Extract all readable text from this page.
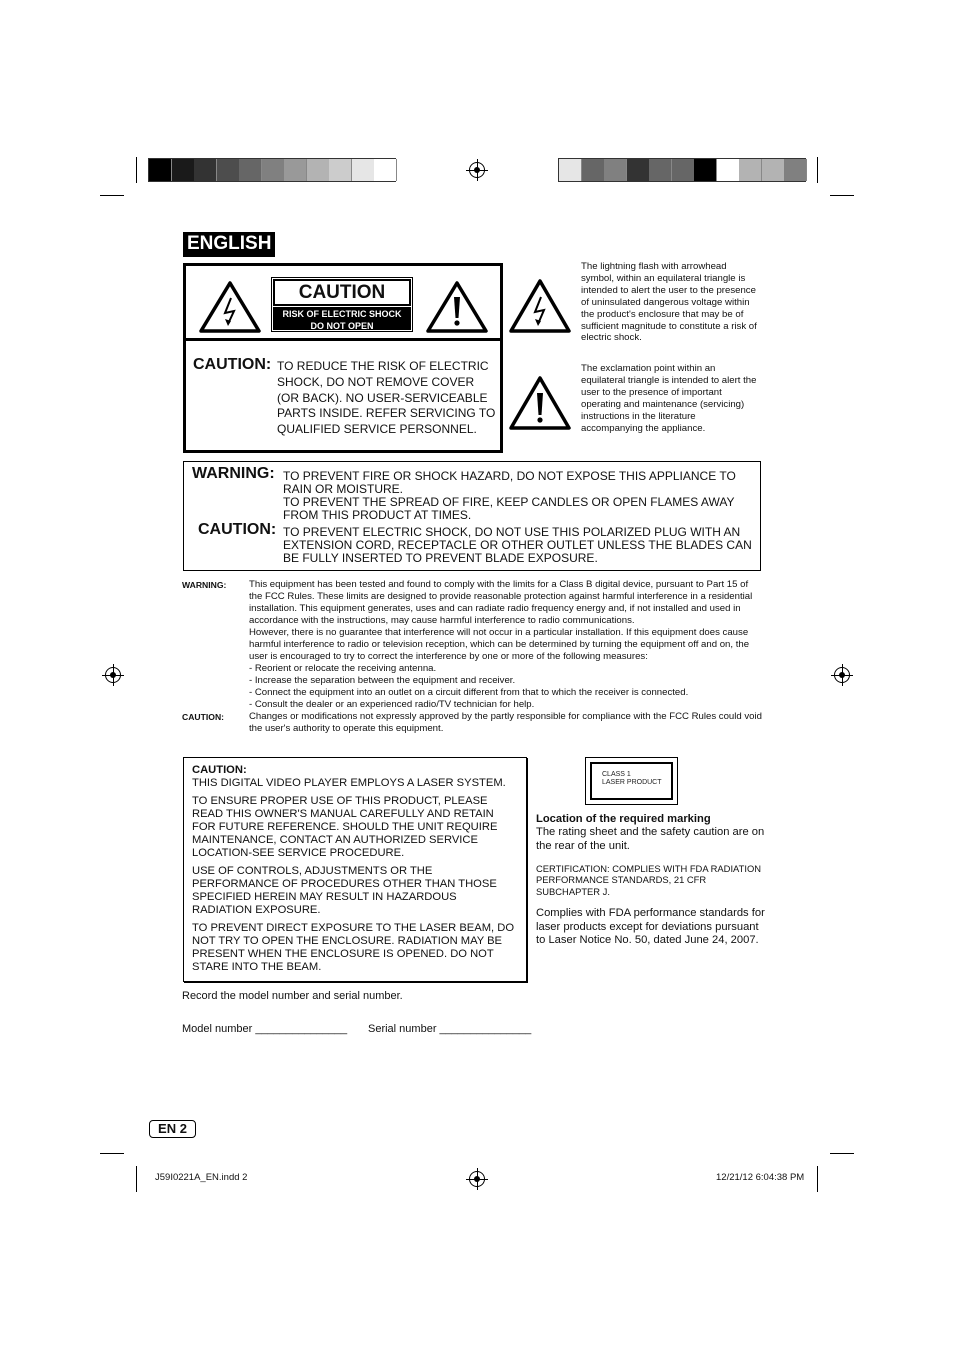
ENGLISH
CAUTION
RISK OF ELECTRIC SHOCK
DO NOT OPEN
CAUTION: TO REDUCE THE RISK OF ELECTRIC SHOCK, DO NOT REMOVE COVER (OR BACK). NO USER-SERVICEABLE PARTS INSIDE. REFER SERVICING TO QUALIFIED SERVICE PERSONNEL.
The lightning flash with arrowhead symbol, within an equilateral triangle is intended to alert the user to the presence of uninsulated dangerous voltage within the product's enclosure that may be of sufficient magnitude to constitute a risk of electric shock.
The exclamation point within an equilateral triangle is intended to alert the user to the presence of important operating and maintenance (servicing) instructions in the literature accompanying the appliance.
WARNING: TO PREVENT FIRE OR SHOCK HAZARD, DO NOT EXPOSE THIS APPLIANCE TO RAIN OR MOISTURE.
TO PREVENT THE SPREAD OF FIRE, KEEP CANDLES OR OPEN FLAMES AWAY FROM THIS PRODUCT AT TIMES.
CAUTION: TO PREVENT ELECTRIC SHOCK, DO NOT USE THIS POLARIZED PLUG WITH AN EXTENSION CORD, RECEPTACLE OR OTHER OUTLET UNLESS THE BLADES CAN BE FULLY INSERTED TO PREVENT BLADE EXPOSURE.
WARNING: This equipment has been tested and found to comply with the limits for a Class B digital device, pursuant to Part 15 of the FCC Rules. These limits are designed to provide reasonable protection against harmful interference in a residential installation. This equipment generates, uses and can radiate radio frequency energy and, if not installed and used in accordance with the instructions, may cause harmful interference to radio communications.
However, there is no guarantee that interference will not occur in a particular installation. If this equipment does cause harmful interference to radio or television reception, which can be determined by turning the equipment off and on, the user is encouraged to try to correct the interference by one or more of the following measures:
- Reorient or relocate the receiving antenna.
- Increase the separation between the equipment and receiver.
- Connect the equipment into an outlet on a circuit different from that to which the receiver is connected.
- Consult the dealer or an experienced radio/TV technician for help.
CAUTION:	Changes or modifications not expressly approved by the partly responsible for compliance with the FCC Rules could void the user's authority to operate this equipment.

CAUTION:

THIS DIGITAL VIDEO PLAYER EMPLOYS A LASER SYSTEM.

TO ENSURE PROPER USE OF THIS PRODUCT, PLEASE READ THIS OWNER'S MANUAL CAREFULLY AND RETAIN FOR FUTURE REFERENCE. SHOULD THE UNIT REQUIRE MAINTENANCE, CONTACT AN AUTHORIZED SERVICE LOCATION-SEE SERVICE PROCEDURE.

USE OF CONTROLS, ADJUSTMENTS OR THE PERFORMANCE OF PROCEDURES OTHER THAN THOSE SPECIFIED HEREIN MAY RESULT IN HAZARDOUS RADIATION EXPOSURE.

TO PREVENT DIRECT EXPOSURE TO THE LASER BEAM, DO NOT TRY TO OPEN THE ENCLOSURE. RADIATION MAY BE PRESENT WHEN THE ENCLOSURE IS OPENED. DO NOT STARE INTO THE BEAM.

CLASS 1
LASER PRODUCT
Location of the required marking

The rating sheet and the safety caution are on the rear of the unit.

CERTIFICATION: COMPLIES WITH FDA RADIATION PERFORMANCE STANDARDS, 21 CFR SUBCHAPTER J.

Complies with FDA performance standards for laser products except for deviations pursuant to Laser Notice No. 50, dated June 24, 2007.

Record the model number and serial number.
Model number _______________ Serial number _______________
EN 2
J59I0221A_EN.indd 2	12/21/12 6:04:38 PM
